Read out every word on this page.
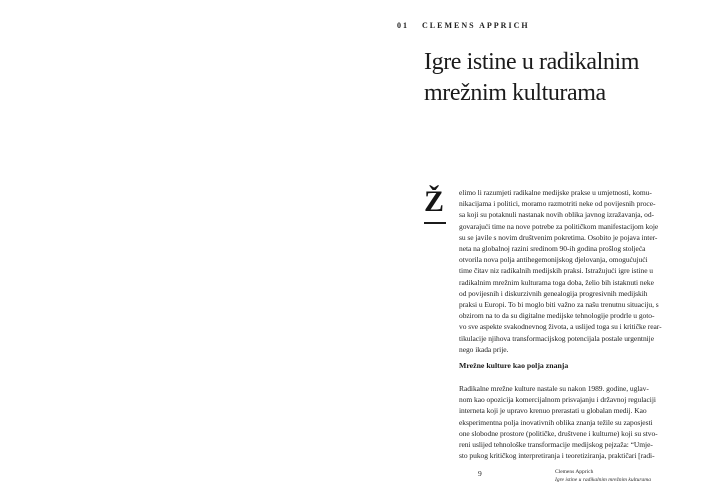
01 CLEMENS APPRICH
Igre istine u radikalnim
mrežnim kulturama
Ž elimo li razumjeti radikalne medijske prakse u umjetnosti, komu-
nikacijama i politici, moramo razmotriti neke od povijesnih proce-
sa koji su potaknuli nastanak novih oblika javnog izražavanja, od-
govarajući time na nove potrebe za političkom manifestacijom koje
su se javile s novim društvenim pokretima. Osobito je pojava inter-
neta na globalnoj razini sredinom 90-ih godina prošlog stoljeća
otvorila nova polja antihegemonijskog djelovanja, omogućujući
time čitav niz radikalnih medijskih praksi. Istražujući igre istine u
radikalnim mrežnim kulturama toga doba, želio bih istaknuti neke
od povijesnih i diskurzivnih genealogija progresivnih medijskih
praksi u Europi. To bi moglo biti važno za našu trenutnu situaciju, s
obzirom na to da su digitalne medijske tehnologije prodrle u goto-
vo sve aspekte svakodnevnog života, a uslijed toga su i kritičke rear-
tikulacije njihova transformacijskog potencijala postale urgentnije
nego ikada prije.
Mrežne kulture kao polja znanja
Radikalne mrežne kulture nastale su nakon 1989. godine, uglav-
nom kao opozicija komercijalnom prisvajanju i državnoj regulaciji
interneta koji je upravo krenuo prerastati u globalan medij. Kao
eksperimentna polja inovativnih oblika znanja težile su zaposjesti
one slobodne prostore (političke, društvene i kulturne) koji su stvo-
reni uslijed tehnološke transformacije medijskog pejzaža: “Umje-
sto pukog kritičkog interpretiranja i teoretiziranja, praktičari [radi-
9	Clemens Apprich
Igre istine u radikalnim mrežnim kulturama
